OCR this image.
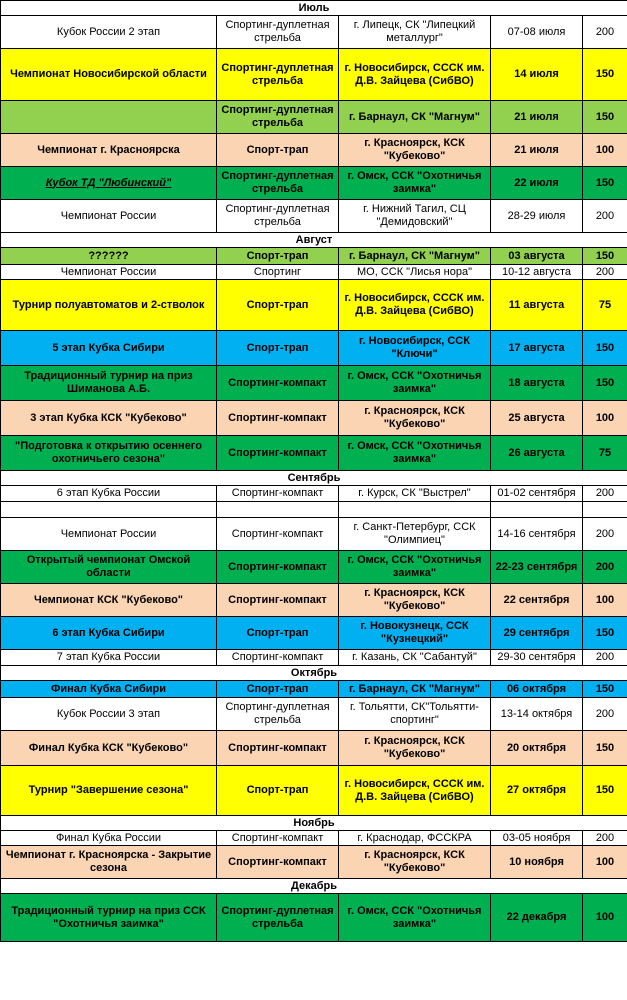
Июль				
Кубок России 2 этап	Спортинг-дуплетная стрельба	г. Липецк, СК "Липецкий металлург"	07-08 июля	200
Чемпионат Новосибирской области	Спортинг-дуплетная стрельба	г. Новосибирск, СССК им. Д.В. Зайцева (СибВО)	14 июля	150
	Спортинг-дуплетная стрельба	г. Барнаул, СК "Магнум"	21 июля	150
Чемпионат г. Красноярска	Спорт-трап	г. Красноярск, КСК "Кубеково"	21 июля	100
Кубок ТД "Любинский"	Спортинг-дуплетная стрельба	г. Омск, ССК "Охотничья заимка"	22 июля	150
Чемпионат России	Спортинг-дуплетная стрельба	г. Нижний Тагил, СЦ "Демидовский"	28-29 июля	200
Август				
??????	Спорт-трап	г. Барнаул, СК "Магнум"	03 августа	150
Чемпионат России	Спортинг	МО, ССК "Лисья нора"	10-12 августа	200
Турнир полуавтоматов и 2-стволок	Спорт-трап	г. Новосибирск, СССК им. Д.В. Зайцева (СибВО)	11 августа	75
5 этап Кубка Сибири	Спорт-трап	г. Новосибирск, ССК "Ключи"	17 августа	150
Традиционный турнир на приз Шиманова А.Б.	Спортинг-компакт	г. Омск, ССК "Охотничья заимка"	18 августа	150
3 этап Кубка КСК "Кубеково"	Спортинг-компакт	г. Красноярск, КСК "Кубеково"	25 августа	100
"Подготовка к открытию осеннего охотничьего сезона"	Спортинг-компакт	г. Омск, ССК "Охотничья заимка"	26 августа	75
Сентябрь				
6 этап Кубка России	Спортинг-компакт	г. Курск, СК "Выстрел"	01-02 сентября	200

Чемпионат России	Спортинг-компакт	г. Санкт-Петербург, ССК "Олимпиец"	14-16 сентября	200
Открытый чемпионат Омской области	Спортинг-компакт	г. Омск, ССК "Охотничья заимка"	22-23 сентября	200
Чемпионат КСК "Кубеково"	Спортинг-компакт	г. Красноярск, КСК "Кубеково"	22 сентября	100
6 этап Кубка Сибири	Спорт-трап	г. Новокузнецк, ССК "Кузнецкий"	29 сентября	150
7 этап Кубка России	Спортинг-компакт	г. Казань, СК "Сабантуй"	29-30 сентября	200
Октябрь				
Финал Кубка Сибири	Спорт-трап	г. Барнаул, СК "Магнум"	06 октября	150
Кубок России 3 этап	Спортинг-дуплетная стрельба	г. Тольятти, СК"Тольятти-спортинг"	13-14 октября	200
Финал Кубка КСК "Кубеково"	Спортинг-компакт	г. Красноярск, КСК "Кубеково"	20 октября	150
Турнир "Завершение сезона"	Спорт-трап	г. Новосибирск, СССК им. Д.В. Зайцева (СибВО)	27 октября	150
Ноябрь				
Финал Кубка России	Спортинг-компакт	г. Краснодар, ФССКРА	03-05 ноября	200
Чемпионат г. Красноярска - Закрытие сезона	Спортинг-компакт	г. Красноярск, КСК "Кубеково"	10 ноября	100
Декабрь				
Традиционный турнир на приз ССК "Охотничья заимка"	Спортинг-дуплетная стрельба	г. Омск, ССК "Охотничья заимка"	22 декабря	100
